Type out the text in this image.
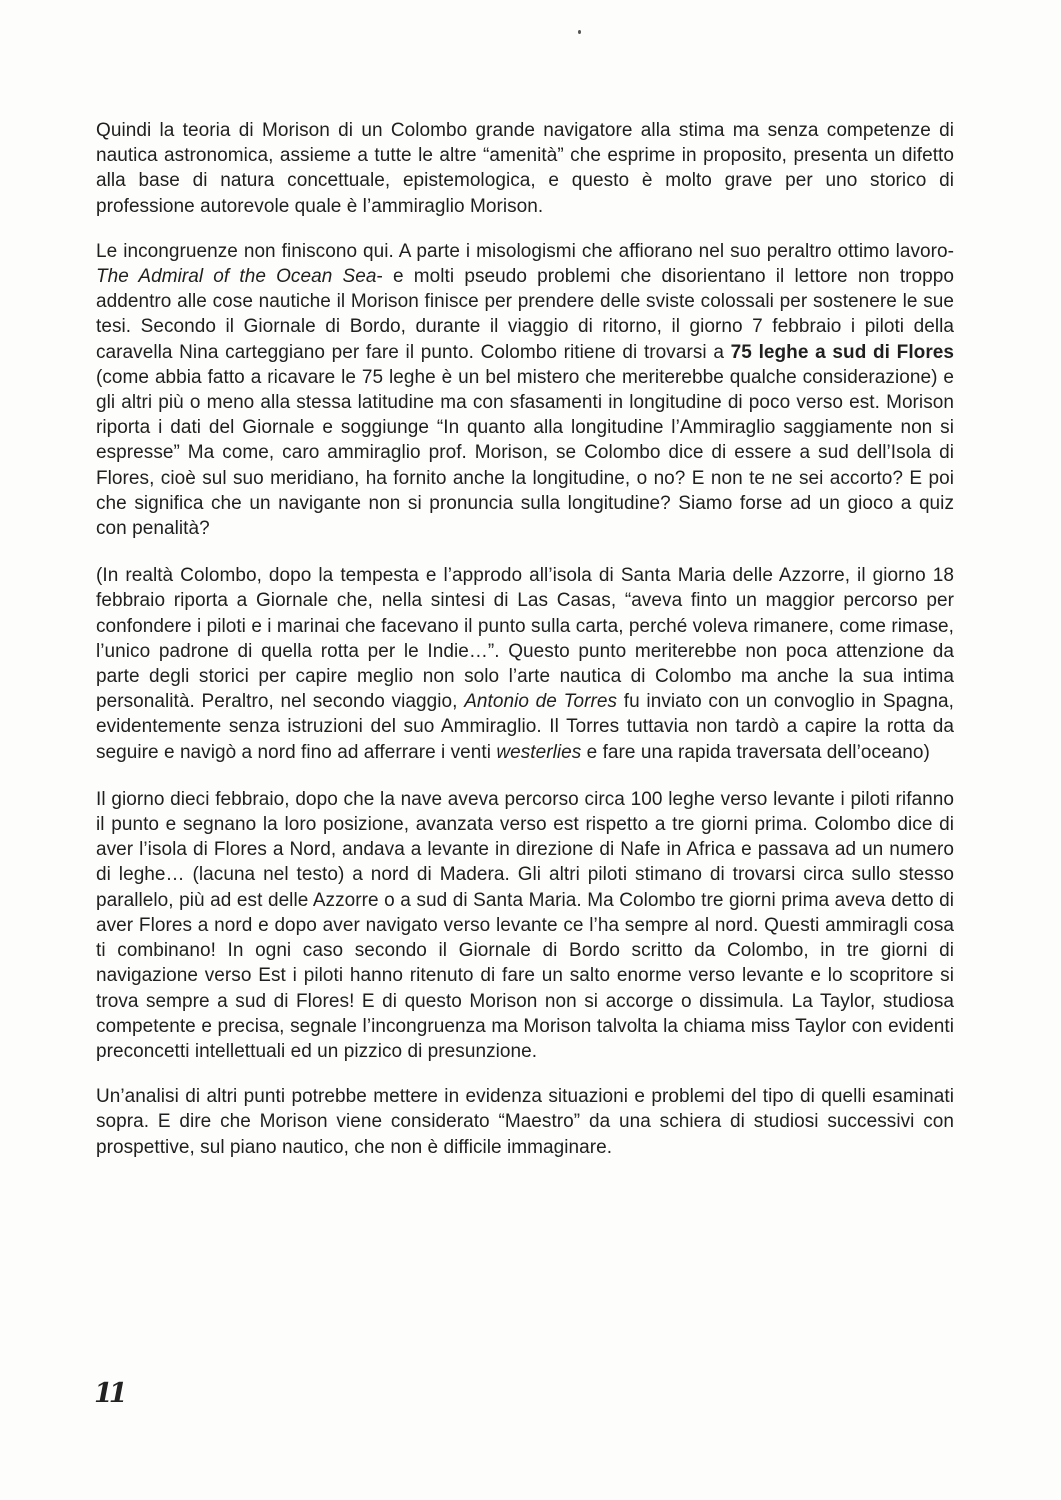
Quindi la teoria di Morison di un Colombo grande navigatore alla stima ma senza competenze di nautica astronomica, assieme a tutte le altre “amenità” che esprime in proposito, presenta un difetto alla base di natura concettuale, epistemologica, e questo è molto grave per uno storico di professione autorevole quale è l’ammiraglio Morison.

Le incongruenze non finiscono qui. A parte i misologismi che affiorano nel suo peraltro ottimo lavoro-The Admiral of the Ocean Sea- e molti pseudo problemi che disorientano il lettore non troppo addentro alle cose nautiche il Morison finisce per prendere delle sviste colossali per sostenere le sue tesi. Secondo il Giornale di Bordo, durante il viaggio di ritorno, il giorno 7 febbraio i piloti della caravella Nina carteggiano per fare il punto. Colombo ritiene di trovarsi a 75 leghe a sud di Flores (come abbia fatto a ricavare le 75 leghe è un bel mistero che meriterebbe qualche considerazione) e gli altri più o meno alla stessa latitudine ma con sfasamenti in longitudine di poco verso est. Morison riporta i dati del Giornale e soggiunge “In quanto alla longitudine l’Ammiraglio saggiamente non si espresse” Ma come, caro ammiraglio prof. Morison, se Colombo dice di essere a sud dell’Isola di Flores, cioè sul suo meridiano, ha fornito anche la longitudine, o no? E non te ne sei accorto? E poi che significa che un navigante non si pronuncia sulla longitudine? Siamo forse ad un gioco a quiz con penalità?

(In realtà Colombo, dopo la tempesta e l’approdo all’isola di Santa Maria delle Azzorre, il giorno 18 febbraio riporta a Giornale che, nella sintesi di Las Casas, “aveva finto un maggior percorso per confondere i piloti e i marinai che facevano il punto sulla carta, perché voleva rimanere, come rimase, l’unico padrone di quella rotta per le Indie…”. Questo punto meriterebbe non poca attenzione da parte degli storici per capire meglio non solo l’arte nautica di Colombo ma anche la sua intima personalità. Peraltro, nel secondo viaggio, Antonio de Torres fu inviato con un convoglio in Spagna, evidentemente senza istruzioni del suo Ammiraglio. Il Torres tuttavia non tardò a capire la rotta da seguire e navigò a nord fino ad afferrare i venti westerlies e fare una rapida traversata dell’oceano)

Il giorno dieci febbraio, dopo che la nave aveva percorso circa 100 leghe verso levante i piloti rifanno il punto e segnano la loro posizione, avanzata verso est rispetto a tre giorni prima. Colombo dice di aver l’isola di Flores a Nord, andava a levante in direzione di Nafe in Africa e passava ad un numero di leghe… (lacuna nel testo) a nord di Madera. Gli altri piloti stimano di trovarsi circa sullo stesso parallelo, più ad est delle Azzorre o a sud di Santa Maria. Ma Colombo tre giorni prima aveva detto di aver Flores a nord e dopo aver navigato verso levante ce l’ha sempre al nord. Questi ammiragli cosa ti combinano! In ogni caso secondo il Giornale di Bordo scritto da Colombo, in tre giorni di navigazione verso Est i piloti hanno ritenuto di fare un salto enorme verso levante e lo scopritore si trova sempre a sud di Flores! E di questo Morison non si accorge o dissimula. La Taylor, studiosa competente e precisa, segnale l’incongruenza ma Morison talvolta la chiama miss Taylor con evidenti preconcetti intellettuali ed un pizzico di presunzione.

Un’analisi di altri punti potrebbe mettere in evidenza situazioni e problemi del tipo di quelli esaminati sopra. E dire che Morison viene considerato “Maestro” da una schiera di studiosi successivi con prospettive, sul piano nautico, che non è difficile immaginare.

11
